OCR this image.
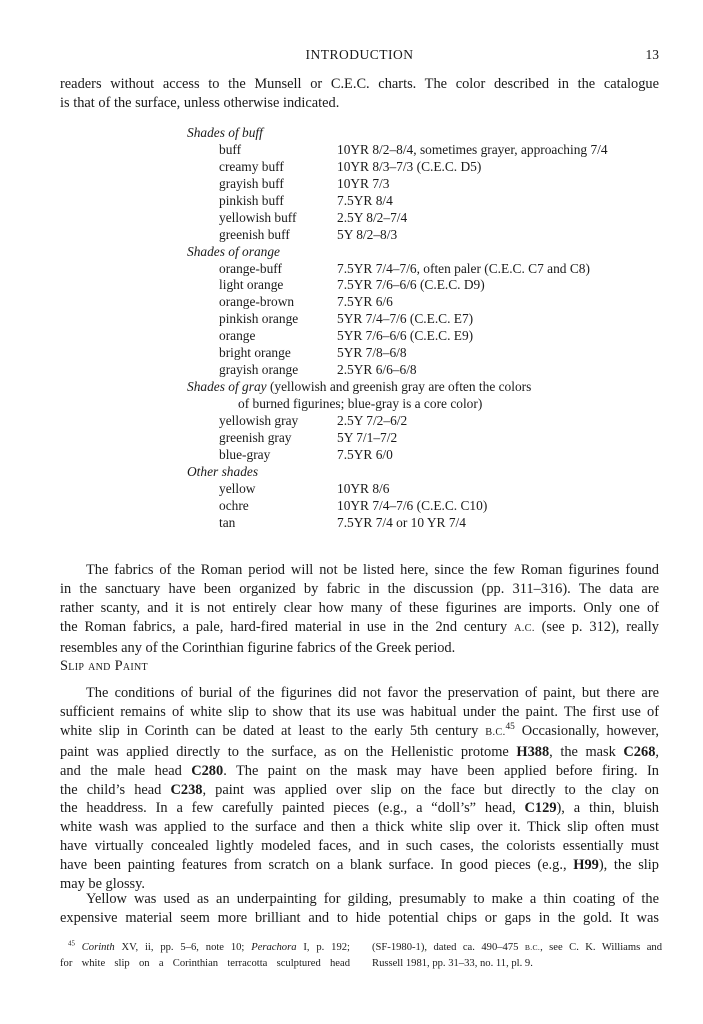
INTRODUCTION	13
readers without access to the Munsell or C.E.C. charts. The color described in the catalogue
is that of the surface, unless otherwise indicated.
Shades of buff
buff	10YR 8/2–8/4, sometimes grayer, approaching 7/4
creamy buff	10YR 8/3–7/3 (C.E.C. D5)
grayish buff	10YR 7/3
pinkish buff	7.5YR 8/4
yellowish buff	2.5Y 8/2–7/4
greenish buff	5Y 8/2–8/3
Shades of orange
orange-buff	7.5YR 7/4–7/6, often paler (C.E.C. C7 and C8)
light orange	7.5YR 7/6–6/6 (C.E.C. D9)
orange-brown	7.5YR 6/6
pinkish orange	5YR 7/4–7/6 (C.E.C. E7)
orange	5YR 7/6–6/6 (C.E.C. E9)
bright orange	5YR 7/8–6/8
grayish orange	2.5YR 6/6–6/8
Shades of gray (yellowish and greenish gray are often the colors
of burned figurines; blue-gray is a core color)
yellowish gray	2.5Y 7/2–6/2
greenish gray	5Y 7/1–7/2
blue-gray	7.5YR 6/0
Other shades
yellow	10YR 8/6
ochre	10YR 7/4–7/6 (C.E.C. C10)
tan	7.5YR 7/4 or 10 YR 7/4
The fabrics of the Roman period will not be listed here, since the few Roman figurines found
in the sanctuary have been organized by fabric in the discussion (pp. 311–316). The data are
rather scanty, and it is not entirely clear how many of these figurines are imports. Only one of
the Roman fabrics, a pale, hard-fired material in use in the 2nd century A.C. (see p. 312), really
resembles any of the Corinthian figurine fabrics of the Greek period.
Slip and Paint
The conditions of burial of the figurines did not favor the preservation of paint, but there are
sufficient remains of white slip to show that its use was habitual under the paint. The first use of
white slip in Corinth can be dated at least to the early 5th century B.C.$^{45}$ Occasionally, however,
paint was applied directly to the surface, as on the Hellenistic protome H388, the mask C268,
and the male head C280. The paint on the mask may have been applied before firing. In
the child’s head C238, paint was applied over slip on the face but directly to the clay on
the headdress. In a few carefully painted pieces (e.g., a “doll’s” head, C129), a thin, bluish
white wash was applied to the surface and then a thick white slip over it. Thick slip often must
have virtually concealed lightly modeled faces, and in such cases, the colorists essentially must
have been painting features from scratch on a blank surface. In good pieces (e.g., H99), the slip
may be glossy.
Yellow was used as an underpainting for gilding, presumably to make a thin coating of the
expensive material seem more brilliant and to hide potential chips or gaps in the gold. It was
$^{45}$ Corinth XV, ii, pp. 5–6, note 10; Perachora I, p. 192;
for white slip on a Corinthian terracotta sculptured head
(SF-1980-1), dated ca. 490–475 B.C., see C. K. Williams and
Russell 1981, pp. 31–33, no. 11, pl. 9.
